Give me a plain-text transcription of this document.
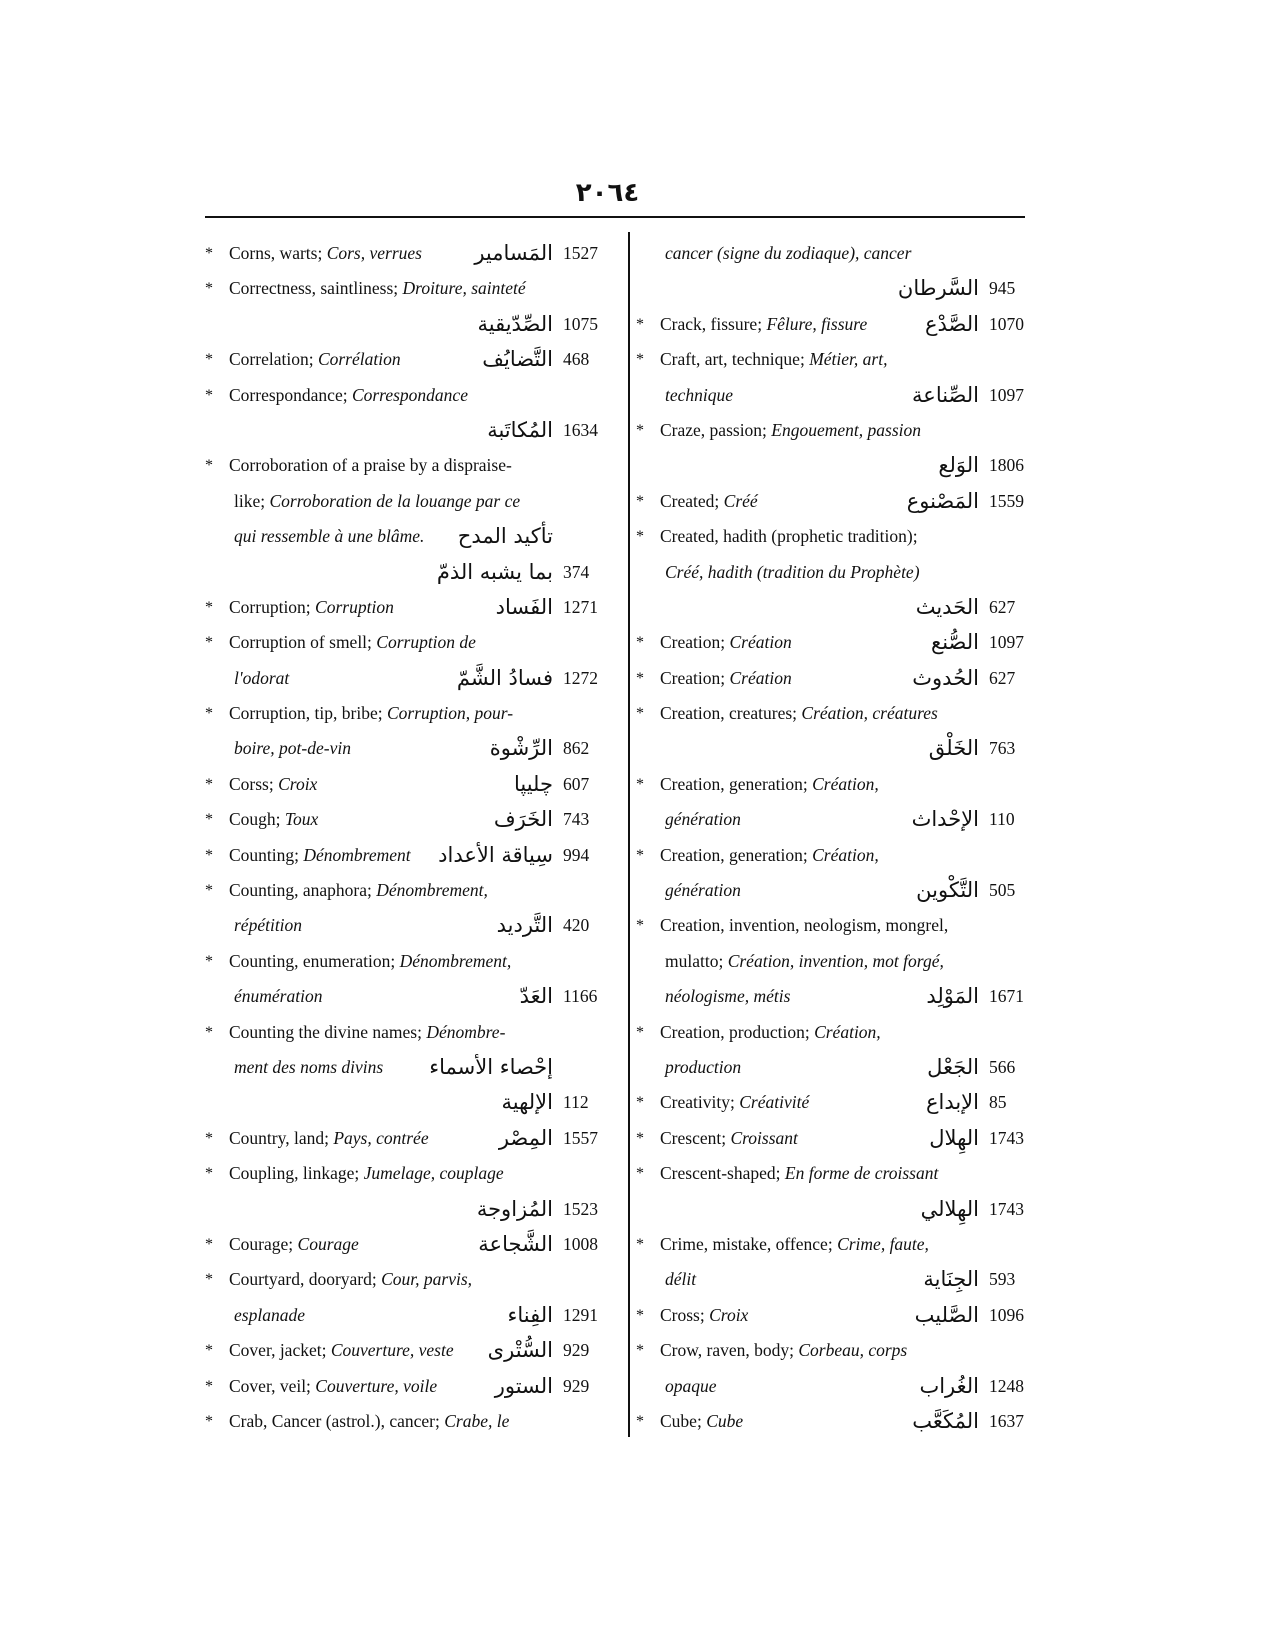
٢٠٦٤
* Corns, warts; Cors, verrues المَسامير 1527
* Correctness, saintliness; Droiture, sainteté
الصِّدّيقية 1075
* Correlation; Corrélation	التَّضايُف 468
* Correspondance; Correspondance
المُكاتَبة 1634
* Corroboration of a praise by a dispraise-
like; Corroboration de la louange par ce
qui ressemble à une blâme. تأكيد المدح
بما يشبه الذمّ 374
* Corruption; Corruption	الفَساد 1271
* Corruption of smell; Corruption de
l'odorat	فسادُ الشَّمّ 1272
* Corruption, tip, bribe; Corruption, pour-
boire, pot-de-vin	الرِّشْوة 862
* Corss; Croix	چليپا 607
* Cough; Toux	الخَرَف 743
* Counting; Dénombrement سِياقة الأعداد 994
* Counting, anaphora; Dénombrement,
répétition	التَّرديد 420
* Counting, enumeration; Dénombrement,
énumération	العَدّ 1166
* Counting the divine names; Dénombre-
ment des noms divins إحْصاء الأسماء
الإلهية 112
* Country, land; Pays, contrée	المِصْر 1557
* Coupling, linkage; Jumelage, couplage
المُزاوجة 1523
* Courage; Courage	الشَّجاعة 1008
* Courtyard, dooryard; Cour, parvis,
esplanade	الفِناء 1291
* Cover, jacket; Couverture, veste السُّتْرى 929
* Cover, veil; Couverture, voile	الستور 929
* Crab, Cancer (astrol.), cancer; Crabe, le
cancer (signe du zodiaque), cancer
السَّرطان 945
* Crack, fissure; Fêlure, fissure	الصَّدْع 1070
* Craft, art, technique; Métier, art,
technique	الصِّناعة 1097
* Craze, passion; Engouement, passion
الوَلع 1806
* Created; Créé	المَصْنوع 1559
* Created, hadith (prophetic tradition);
Créé, hadith (tradition du Prophète)
الحَديث 627
* Creation; Création	الصُّنع 1097
* Creation; Création	الحُدوث 627
* Creation, creatures; Création, créatures
الخَلْق 763
* Creation, generation; Création,
génération	الإحْداث 110
* Creation, generation; Création,
génération	التَّكْوين 505
* Creation, invention, neologism, mongrel,
mulatto; Création, invention, mot forgé,
néologisme, métis	المَوْلِد 1671
* Creation, production; Création,
production	الجَعْل 566
* Creativity; Créativité	الإبداع 85
* Crescent; Croissant	الهِلال 1743
* Crescent-shaped; En forme de croissant
الهِلالي 1743
* Crime, mistake, offence; Crime, faute,
délit	الجِنَاية 593
* Cross; Croix	الصَّليب 1096
* Crow, raven, body; Corbeau, corps
opaque	الغُراب 1248
* Cube; Cube	المُكَعَّب 1637
